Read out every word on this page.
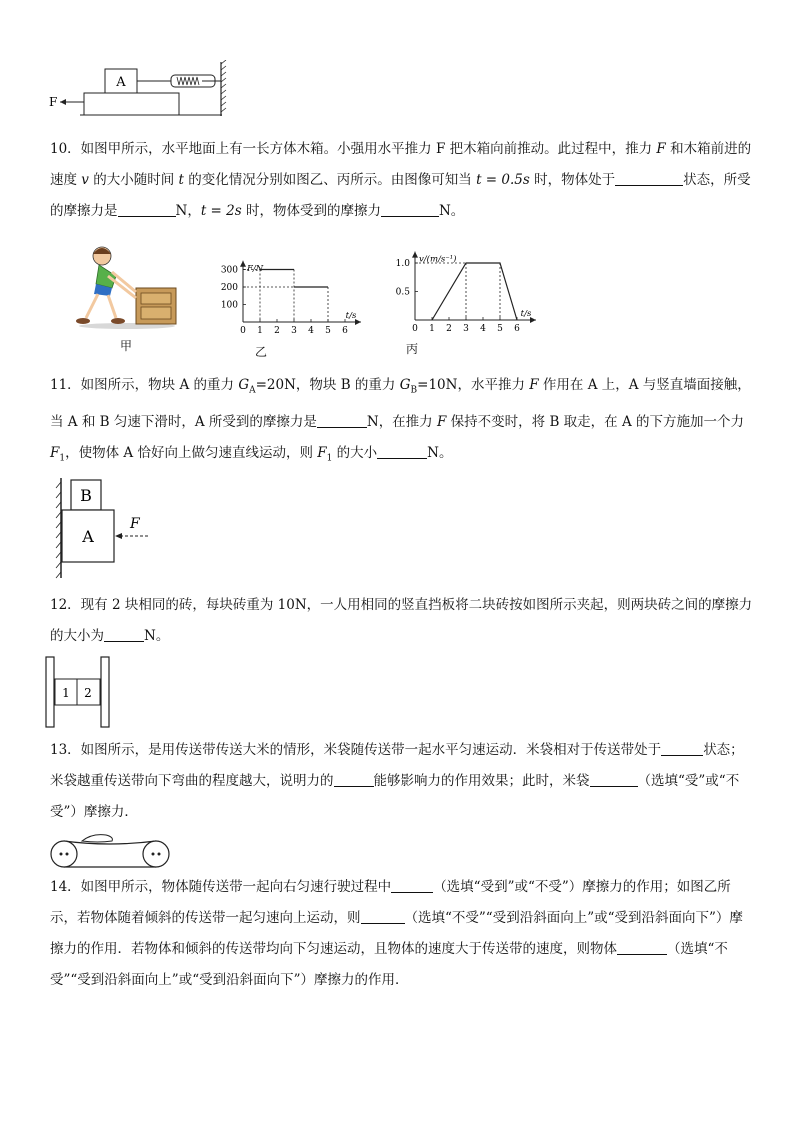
A
F

10．如图甲所示，水平地面上有一长方体木箱。小强用水平推力 F 把木箱向前推动。此过程中，推力 F 和木箱前进的速度 v 的大小随时间 t 的变化情况分别如图乙、丙所示。由图像可知当 t = 0.5s 时，物体处于	状态，所受的摩擦力是	N，t = 2s 时，物体受到的摩擦力	N。

甲
F/N
t/s
0 1 2 3 4 5 6
100
200
300
乙
v/(m/s⁻¹)
t/s
0 1 2 3 4 5 6
0.5
1.0
丙

11．如图所示，物块 A 的重力 $G_A=20N$，物块 B 的重力 $G_B=10N$，水平推力 F 作用在 A 上，A 与竖直墙面接触，当 A 和 B 匀速下滑时，A 所受到的摩擦力是	N，在推力 F 保持不变时，将 B 取走，在 A 的下方施加一个力 $F_1$，使物体 A 恰好向上做匀速直线运动，则 $F_1$ 的大小	N。

B
A
F

12．现有 2 块相同的砖，每块砖重为 10N，一人用相同的竖直挡板将二块砖按如图所示夹起，则两块砖之间的摩擦力的大小为	N。

1 2

13．如图所示，是用传送带传送大米的情形，米袋随传送带一起水平匀速运动．米袋相对于传送带处于	状态；米袋越重传送带向下弯曲的程度越大，说明力的	能够影响力的作用效果；此时，米袋	（选填“受”或“不受”）摩擦力．

14．如图甲所示，物体随传送带一起向右匀速行驶过程中	（选填“受到”或“不受”）摩擦力的作用；如图乙所示，若物体随着倾斜的传送带一起匀速向上运动，则	（选填“不受”“受到沿斜面向上”或“受到沿斜面向下”）摩擦力的作用．若物体和倾斜的传送带均向下匀速运动，且物体的速度大于传送带的速度，则物体	（选填“不受”“受到沿斜面向上”或“受到沿斜面向下”）摩擦力的作用．
